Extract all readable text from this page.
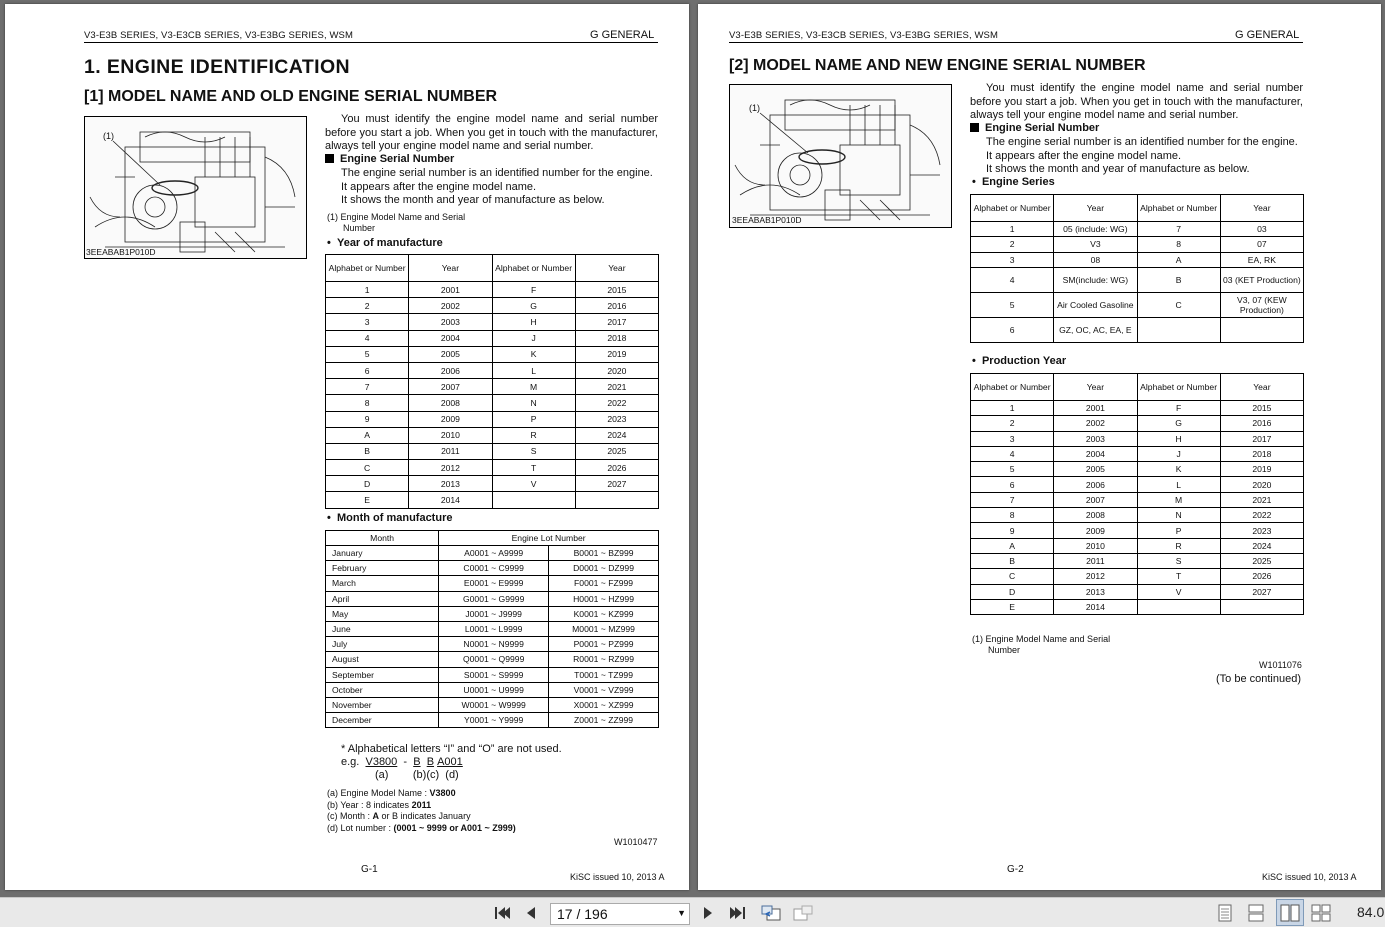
V3-E3B SERIES, V3-E3CB SERIES, V3-E3BG SERIES, WSM	G GENERAL
1. ENGINE IDENTIFICATION
[1] MODEL NAME AND OLD ENGINE SERIAL NUMBER
(1)
3EEABAB1P010D
You must identify the engine model name and serial number before you start a job. When you get in touch with the manufacturer, always tell your engine model name and serial number.
Engine Serial Number
The engine serial number is an identified number for the engine.
It appears after the engine model name.
It shows the month and year of manufacture as below.
(1) Engine Model Name and Serial
Number
•  Year of manufacture
Alphabet or Number	Year	Alphabet or Number	Year
1	2001	F	2015
2	2002	G	2016
3	2003	H	2017
4	2004	J	2018
5	2005	K	2019
6	2006	L	2020
7	2007	M	2021
8	2008	N	2022
9	2009	P	2023
A	2010	R	2024
B	2011	S	2025
C	2012	T	2026
D	2013	V	2027
E	2014		
•  Month of manufacture
Month	Engine Lot Number	
January	A0001 ~ A9999	B0001 ~ BZ999
February	C0001 ~ C9999	D0001 ~ DZ999
March	E0001 ~ E9999	F0001 ~ FZ999
April	G0001 ~ G9999	H0001 ~ HZ999
May	J0001 ~ J9999	K0001 ~ KZ999
June	L0001 ~ L9999	M0001 ~ MZ999
July	N0001 ~ N9999	P0001 ~ PZ999
August	Q0001 ~ Q9999	R0001 ~ RZ999
September	S0001 ~ S9999	T0001 ~ TZ999
October	U0001 ~ U9999	V0001 ~ VZ999
November	W0001 ~ W9999	X0001 ~ XZ999
December	Y0001 ~ Y9999	Z0001 ~ ZZ999
* Alphabetical letters “I” and “O” are not used.
e.g. V3800 - B B A001
(a)        (b)(c)  (d)
W1010477
G-1
KiSC issued 10, 2013 A
(a) Engine Model Name : V3800
(b) Year : 8 indicates 2011
(c) Month : A or B indicates January
(d) Lot number : (0001 ~ 9999 or A001 ~ Z999)
V3-E3B SERIES, V3-E3CB SERIES, V3-E3BG SERIES, WSM	G GENERAL
[2] MODEL NAME AND NEW ENGINE SERIAL NUMBER
(1)
3EEABAB1P010D
You must identify the engine model name and serial number before you start a job. When you get in touch with the manufacturer, always tell your engine model name and serial number.
Engine Serial Number
The engine serial number is an identified number for the engine.
It appears after the engine model name.
It shows the month and year of manufacture as below.
•  Engine Series
Alphabet or Number	Year	Alphabet or Number	Year
1	05 (include: WG)	7	03
2	V3	8	07
3	08	A	EA, RK
4	SM(include: WG)	B	03 (KET Production)
5	Air Cooled Gasoline	C	V3, 07 (KEW Production)
6	GZ, OC, AC, EA, E		
•  Production Year
Alphabet or Number	Year	Alphabet or Number	Year
1	2001	F	2015
2	2002	G	2016
3	2003	H	2017
4	2004	J	2018
5	2005	K	2019
6	2006	L	2020
7	2007	M	2021
8	2008	N	2022
9	2009	P	2023
A	2010	R	2024
B	2011	S	2025
C	2012	T	2026
D	2013	V	2027
E	2014		
(1) Engine Model Name and Serial
Number
W1011076
(To be continued)
G-2
KiSC issued 10, 2013 A
17 / 196	▼	84.0
